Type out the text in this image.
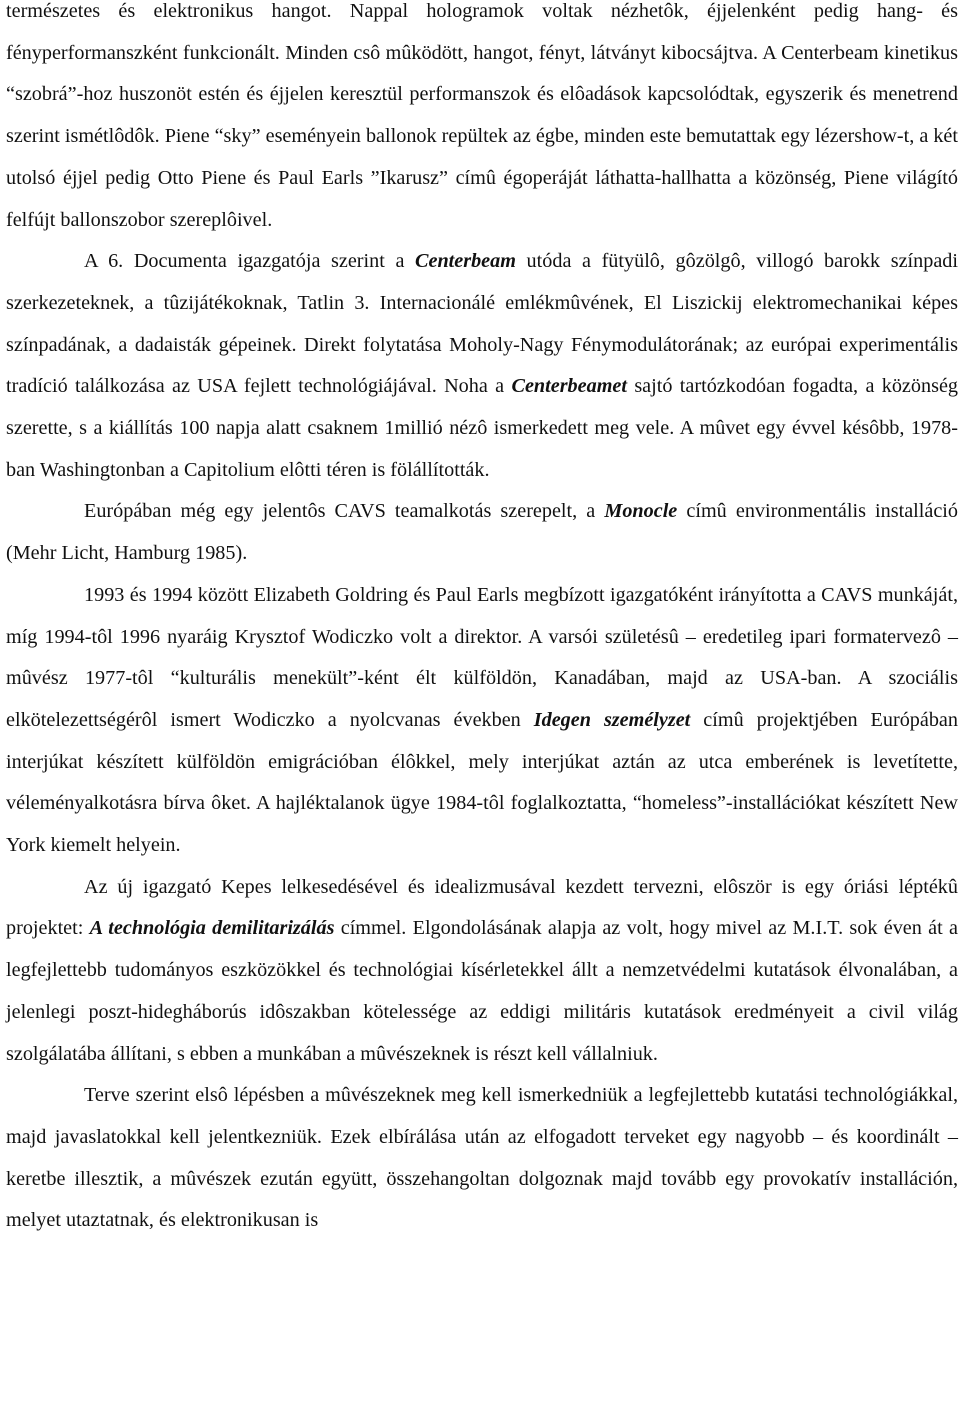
természetes és elektronikus hangot. Nappal hologramok voltak nézhetôk, éjjelenként pedig hang- és fényperformanszként funkcionált. Minden csô mûködött, hangot, fényt, látványt kibocsájtva. A Centerbeam kinetikus “szobrá”-hoz huszonöt estén és éjjelen keresztül performanszok és elôadások kapcsolódtak, egyszerik és menetrend szerint ismétlôdôk. Piene “sky” eseményein ballonok repültek az égbe, minden este bemutattak egy lézershow-t, a két utolsó éjjel pedig Otto Piene és Paul Earls ”Ikarusz” címû égoperáját láthatta-hallhatta a közönség, Piene világító felfújt ballonszobor szereplôivel.

A 6. Documenta igazgatója szerint a Centerbeam utóda a fütyülô, gôzölgô, villogó barokk színpadi szerkezeteknek, a tûzijátékoknak, Tatlin 3. Internacionálé emlékmûvének, El Liszickij elektromechanikai képes színpadának, a dadaisták gépeinek. Direkt folytatása Moholy-Nagy Fénymodulátorának; az európai experimentális tradíció találkozása az USA fejlett technológiájával. Noha a Centerbeamet sajtó tartózkodóan fogadta, a közönség szerette, s a kiállítás 100 napja alatt csaknem 1millió nézô ismerkedett meg vele. A mûvet egy évvel késôbb, 1978-ban Washingtonban a Capitolium elôtti téren is fölállították.

Európában még egy jelentôs CAVS teamalkotás szerepelt, a Monocle címû environmentális installáció (Mehr Licht, Hamburg 1985).

1993 és 1994 között Elizabeth Goldring és Paul Earls megbízott igazgatóként irányította a CAVS munkáját, míg 1994-tôl 1996 nyaráig Krysztof Wodiczko volt a direktor. A varsói születésû – eredetileg ipari formatervezô – mûvész 1977-tôl “kulturális menekült”-ként élt külföldön, Kanadában, majd az USA-ban. A szociális elkötelezettségérôl ismert Wodiczko a nyolcvanas években Idegen személyzet címû projektjében Európában interjúkat készített külföldön emigrációban élôkkel, mely interjúkat aztán az utca emberének is levetítette, véleményalkotásra bírva ôket. A hajléktalanok ügye 1984-tôl foglalkoztatta, “homeless”-installációkat készített New York kiemelt helyein.

Az új igazgató Kepes lelkesedésével és idealizmusával kezdett tervezni, elôször is egy óriási léptékû projektet: A technológia demilitarizálás címmel. Elgondolásának alapja az volt, hogy mivel az M.I.T. sok éven át a legfejlettebb tudományos eszközökkel és technológiai kísérletekkel állt a nemzetvédelmi kutatások élvonalában, a jelenlegi poszt-hidegháborús idôszakban kötelessége az eddigi militáris kutatások eredményeit a civil világ szolgálatába állítani, s ebben a munkában a mûvészeknek is részt kell vállalniuk.

Terve szerint elsô lépésben a mûvészeknek meg kell ismerkedniük a legfejlettebb kutatási technológiákkal, majd javaslatokkal kell jelentkezniük. Ezek elbírálása után az elfogadott terveket egy nagyobb – és koordinált – keretbe illesztik, a mûvészek ezután együtt, összehangoltan dolgoznak majd tovább egy provokatív installáción, melyet utaztatnak, és elektronikusan is
